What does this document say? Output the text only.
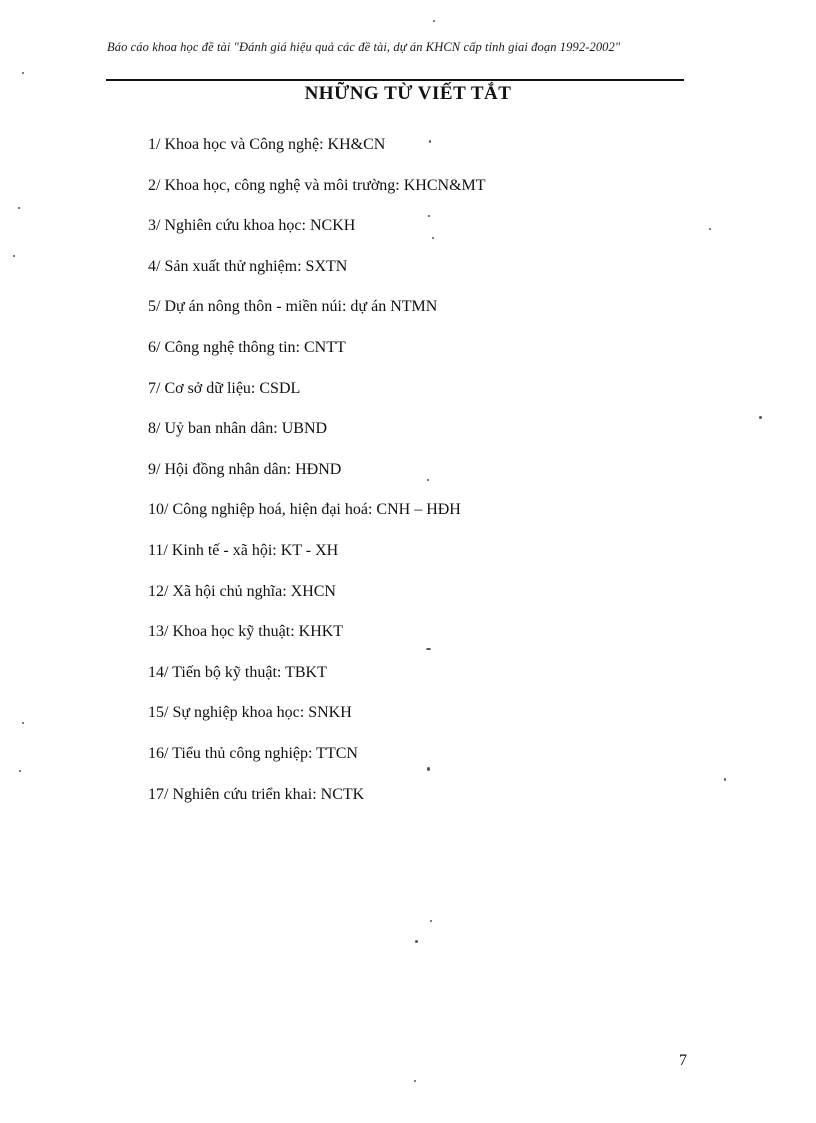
Báo cáo khoa học đề tài "Đánh giá hiệu quả các đề tài, dự án KHCN cấp tỉnh giai đoạn 1992-2002"
NHỮNG TỪ VIẾT TẮT
1/ Khoa học và Công nghệ: KH&CN
2/ Khoa học, công nghệ và môi trường: KHCN&MT
3/ Nghiên cứu khoa học: NCKH
4/ Sản xuất thử nghiệm: SXTN
5/ Dự án nông thôn - miền núi: dự án NTMN
6/ Công nghệ thông tin: CNTT
7/ Cơ sở dữ liệu: CSDL
8/ Uỷ ban nhân dân: UBND
9/ Hội đồng nhân dân: HĐND
10/ Công nghiệp hoá, hiện đại hoá: CNH – HĐH
11/ Kinh tế - xã hội: KT - XH
12/ Xã hội chủ nghĩa: XHCN
13/ Khoa học kỹ thuật: KHKT
14/ Tiến bộ kỹ thuật: TBKT
15/ Sự nghiệp khoa học: SNKH
16/ Tiểu thủ công nghiệp: TTCN
17/ Nghiên cứu triển khai: NCTK
7
